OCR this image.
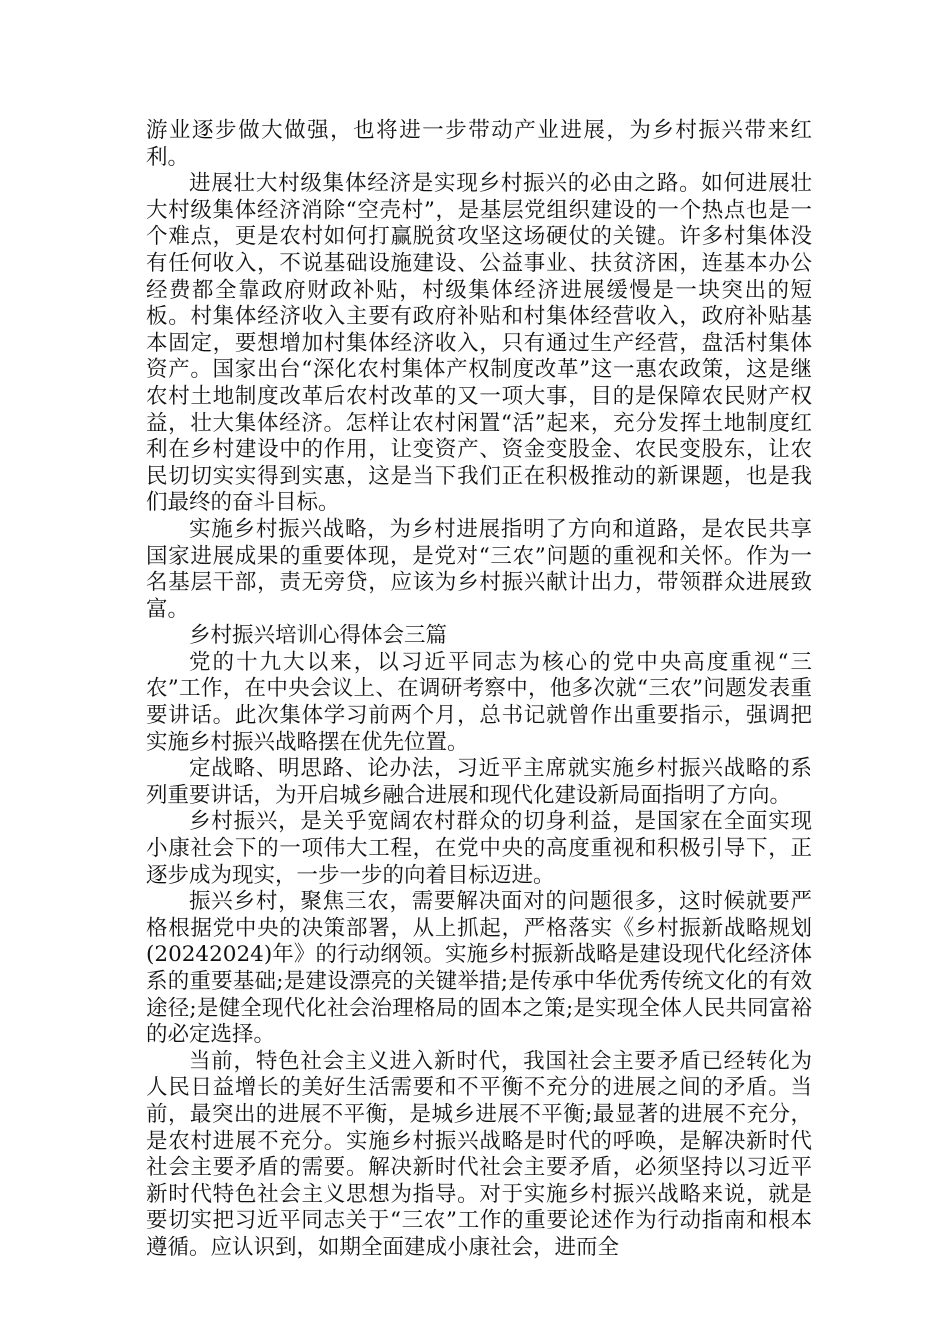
游业逐步做大做强，也将进一步带动产业进展，为乡村振兴带来红利。

进展壮大村级集体经济是实现乡村振兴的必由之路。如何进展壮大村级集体经济消除“空壳村”，是基层党组织建设的一个热点也是一个难点，更是农村如何打赢脱贫攻坚这场硬仗的关键。许多村集体没有任何收入，不说基础设施建设、公益事业、扶贫济困，连基本办公经费都全靠政府财政补贴，村级集体经济进展缓慢是一块突出的短板。村集体经济收入主要有政府补贴和村集体经营收入，政府补贴基本固定，要想增加村集体经济收入，只有通过生产经营，盘活村集体资产。国家出台“深化农村集体产权制度改革”这一惠农政策，这是继农村土地制度改革后农村改革的又一项大事，目的是保障农民财产权益，壮大集体经济。怎样让农村闲置“活”起来，充分发挥土地制度红利在乡村建设中的作用，让变资产、资金变股金、农民变股东，让农民切切实实得到实惠，这是当下我们正在积极推动的新课题，也是我们最终的奋斗目标。

实施乡村振兴战略，为乡村进展指明了方向和道路，是农民共享国家进展成果的重要体现，是党对“三农”问题的重视和关怀。作为一名基层干部，责无旁贷，应该为乡村振兴献计出力，带领群众进展致富。

乡村振兴培训心得体会三篇

党的十九大以来，以习近平同志为核心的党中央高度重视“三农”工作，在中央会议上、在调研考察中，他多次就“三农”问题发表重要讲话。此次集体学习前两个月，总书记就曾作出重要指示，强调把实施乡村振兴战略摆在优先位置。

定战略、明思路、论办法，习近平主席就实施乡村振兴战略的系列重要讲话，为开启城乡融合进展和现代化建设新局面指明了方向。

乡村振兴，是关乎宽阔农村群众的切身利益，是国家在全面实现小康社会下的一项伟大工程，在党中央的高度重视和积极引导下，正逐步成为现实，一步一步的向着目标迈进。

振兴乡村，聚焦三农，需要解决面对的问题很多，这时候就要严格根据党中央的决策部署，从上抓起，严格落实《乡村振新战略规划(20242024)年》的行动纲领。实施乡村振新战略是建设现代化经济体系的重要基础;是建设漂亮的关键举措;是传承中华优秀传统文化的有效途径;是健全现代化社会治理格局的固本之策;是实现全体人民共同富裕的必定选择。

当前，特色社会主义进入新时代，我国社会主要矛盾已经转化为人民日益增长的美好生活需要和不平衡不充分的进展之间的矛盾。当前，最突出的进展不平衡，是城乡进展不平衡;最显著的进展不充分，是农村进展不充分。实施乡村振兴战略是时代的呼唤，是解决新时代社会主要矛盾的需要。解决新时代社会主要矛盾，必须坚持以习近平新时代特色社会主义思想为指导。对于实施乡村振兴战略来说，就是要切实把习近平同志关于“三农”工作的重要论述作为行动指南和根本遵循。应认识到，如期全面建成小康社会，进而全
